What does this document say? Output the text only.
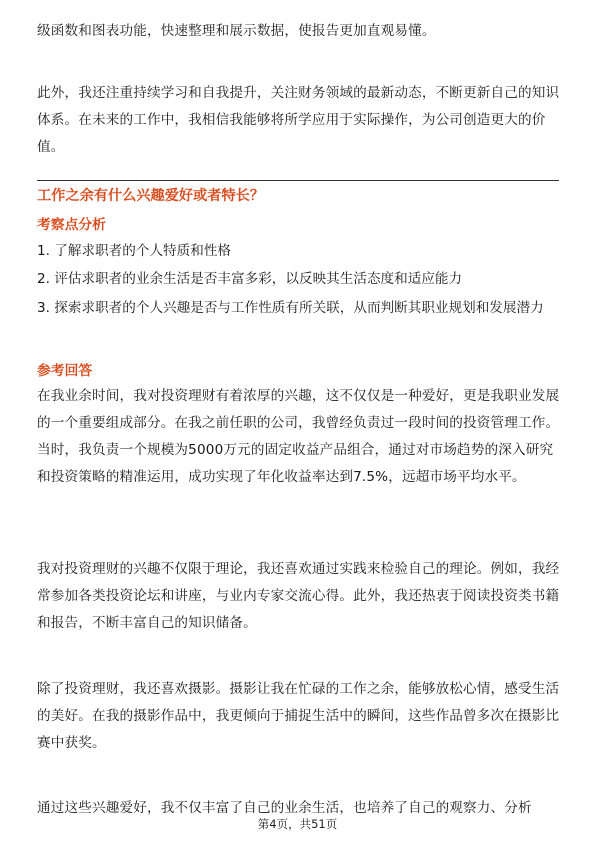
级函数和图表功能，快速整理和展示数据，使报告更加直观易懂。

此外，我还注重持续学习和自我提升，关注财务领域的最新动态，不断更新自己的知识体系。在未来的工作中，我相信我能够将所学应用于实际操作，为公司创造更大的价值。

工作之余有什么兴趣爱好或者特长？
考察点分析

1. 了解求职者的个人特质和性格

2. 评估求职者的业余生活是否丰富多彩，以反映其生活态度和适应能力

3. 探索求职者的个人兴趣是否与工作性质有所关联，从而判断其职业规划和发展潜力

参考回答

在我业余时间，我对投资理财有着浓厚的兴趣，这不仅仅是一种爱好，更是我职业发展的一个重要组成部分。在我之前任职的公司，我曾经负责过一段时间的投资管理工作。当时，我负责一个规模为5000万元的固定收益产品组合，通过对市场趋势的深入研究和投资策略的精准运用，成功实现了年化收益率达到7.5%，远超市场平均水平。

我对投资理财的兴趣不仅限于理论，我还喜欢通过实践来检验自己的理论。例如，我经常参加各类投资论坛和讲座，与业内专家交流心得。此外，我还热衷于阅读投资类书籍和报告，不断丰富自己的知识储备。

除了投资理财，我还喜欢摄影。摄影让我在忙碌的工作之余，能够放松心情，感受生活的美好。在我的摄影作品中，我更倾向于捕捉生活中的瞬间，这些作品曾多次在摄影比赛中获奖。

通过这些兴趣爱好，我不仅丰富了自己的业余生活，也培养了自己的观察力、分析

第4页，共51页
